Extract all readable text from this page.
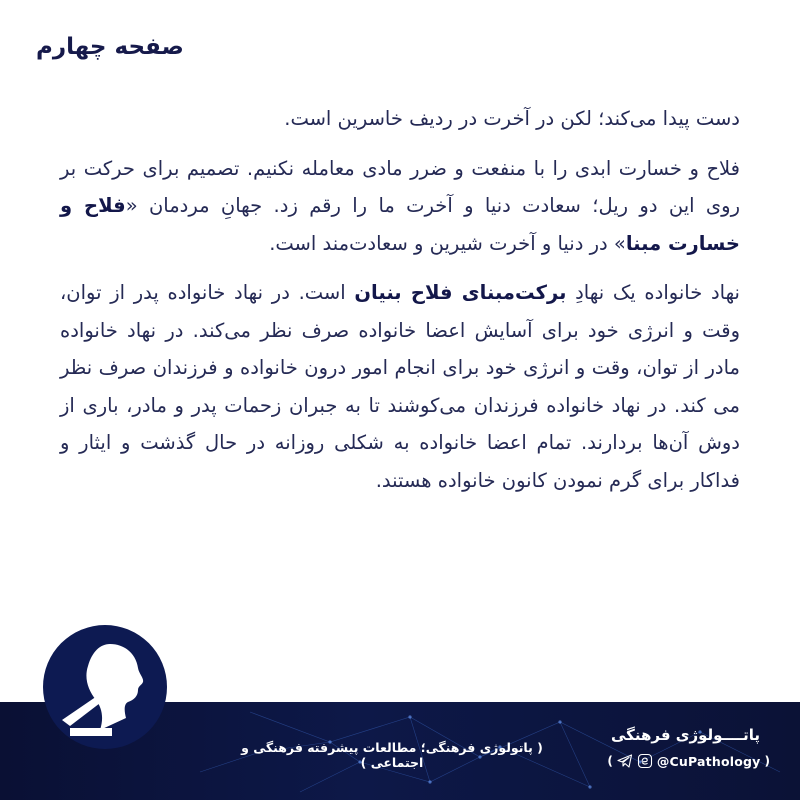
صفحه چهارم

دست پیدا می‌کند؛ لکن در آخرت در ردیف خاسرین است.

فلاح و خسارت ابدی را با منفعت و ضرر مادی معامله نکنیم. تصمیم برای حرکت بر روی این دو ریل؛ سعادت دنیا و آخرت ما را رقم زد. جهانِ مردمان «فلاح و خسارت مبنا» در دنیا و آخرت شیرین و سعادت‌مند است.

نهاد خانواده یک نهادِ برکت‌مبنای فلاح بنیان است. در نهاد خانواده پدر از توان، وقت و انرژی خود برای آسایش اعضا خانواده صرف نظر می‌کند. در نهاد خانواده مادر از توان، وقت و انرژی خود برای انجام امور درون خانواده و فرزندان صرف نظر می کند. در نهاد خانواده فرزندان می‌کوشند تا به جبران زحمات پدر و مادر، باری از دوش آن‌ها بردارند. تمام اعضا خانواده به شکلی روزانه در حال گذشت و ایثار و فداکار برای گرم نمودن کانون خانواده هستند.

( پاتولوژی فرهنگی؛ مطالعات پیشرفته فرهنگی و اجتماعی )
پاتــــولوژی فرهنگی
(	@CuPathology )
